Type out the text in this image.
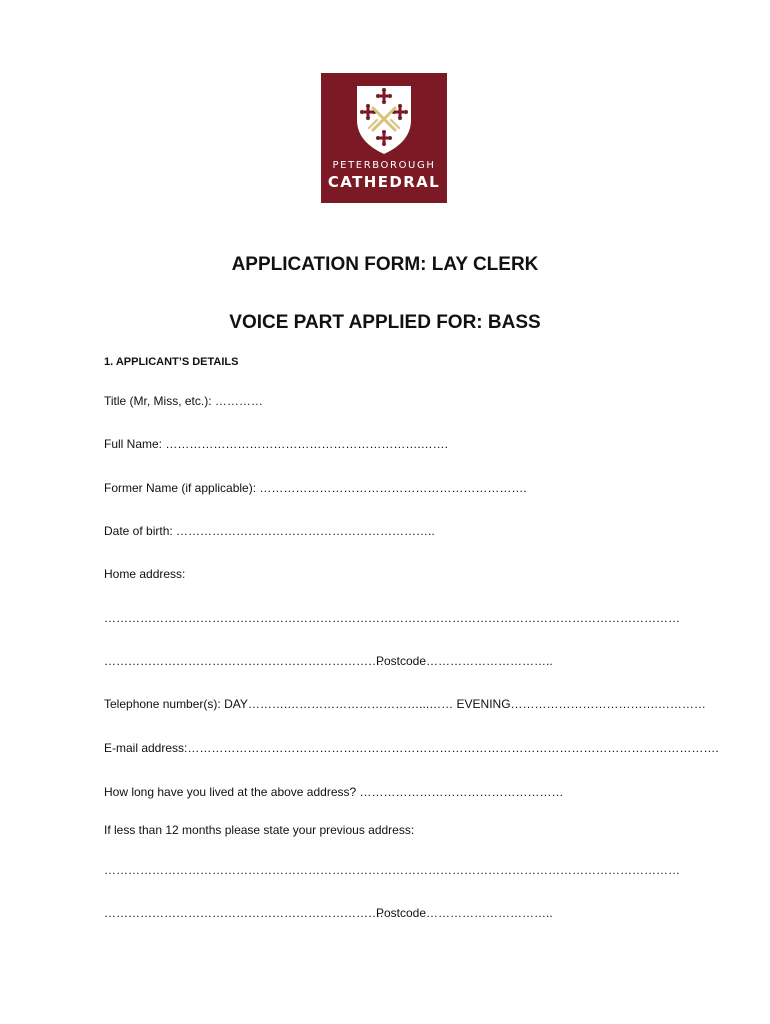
PETERBOROUGH
CATHEDRAL
APPLICATION FORM: LAY CLERK
VOICE PART APPLIED FOR: BASS
1. APPLICANT’S DETAILS
Title (Mr, Miss, etc.): …………
Full Name: ……………………………………………………….…….
Former Name (if applicable): ………………………………………………………….
Date of birth: ………………………………………………………..
Home address:
………………………………………………………………………………………………………………………………
…………………………………………………………….
Postcode…………………………..
Telephone number(s): DAY……….……………………………...…… EVENING……………………………….…………
E-mail address:…………………………………………………………………………………………………………………….
How long have you lived at the above address? ……………………………………………
If less than 12 months please state your previous address:
………………………………………………………………………………………………………………………………
…………………………………………………………….
Postcode…………………………..
